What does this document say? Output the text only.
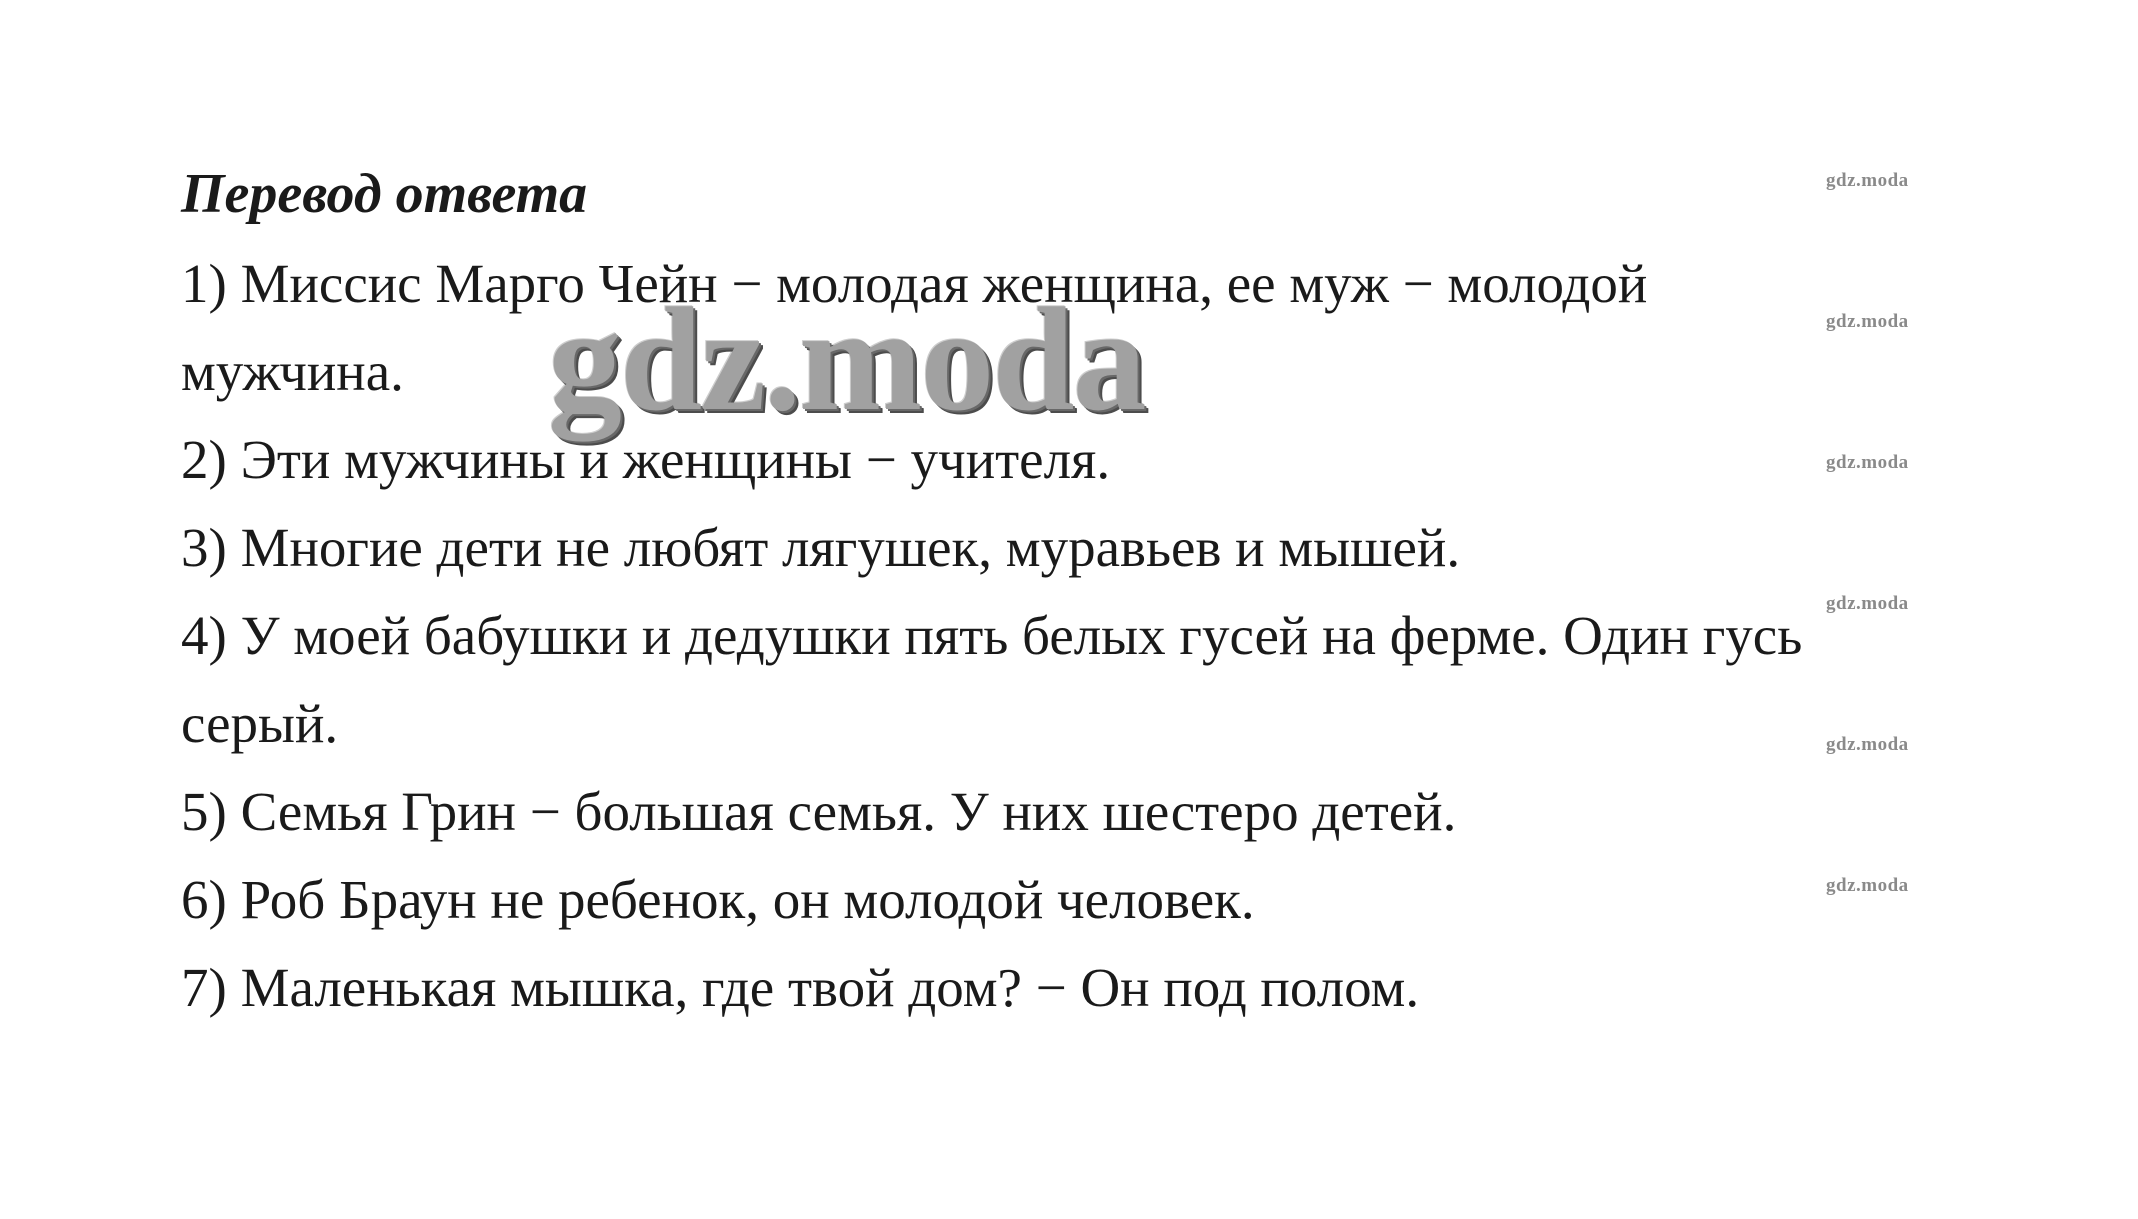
Перевод ответа
1) Миссис Марго Чейн − молодая женщина, ее муж − молодой
мужчина.
2) Эти мужчины и женщины − учителя.
3) Многие дети не любят лягушек, муравьев и мышей.
4) У моей бабушки и дедушки пять белых гусей на ферме. Один гусь
серый.
5) Семья Грин − большая семья. У них шестеро детей.
6) Роб Браун не ребенок, он молодой человек.
7) Маленькая мышка, где твой дом? − Он под полом.
gdz.moda
gdz.moda
gdz.moda
gdz.moda
gdz.moda
gdz.moda
gdz.moda
